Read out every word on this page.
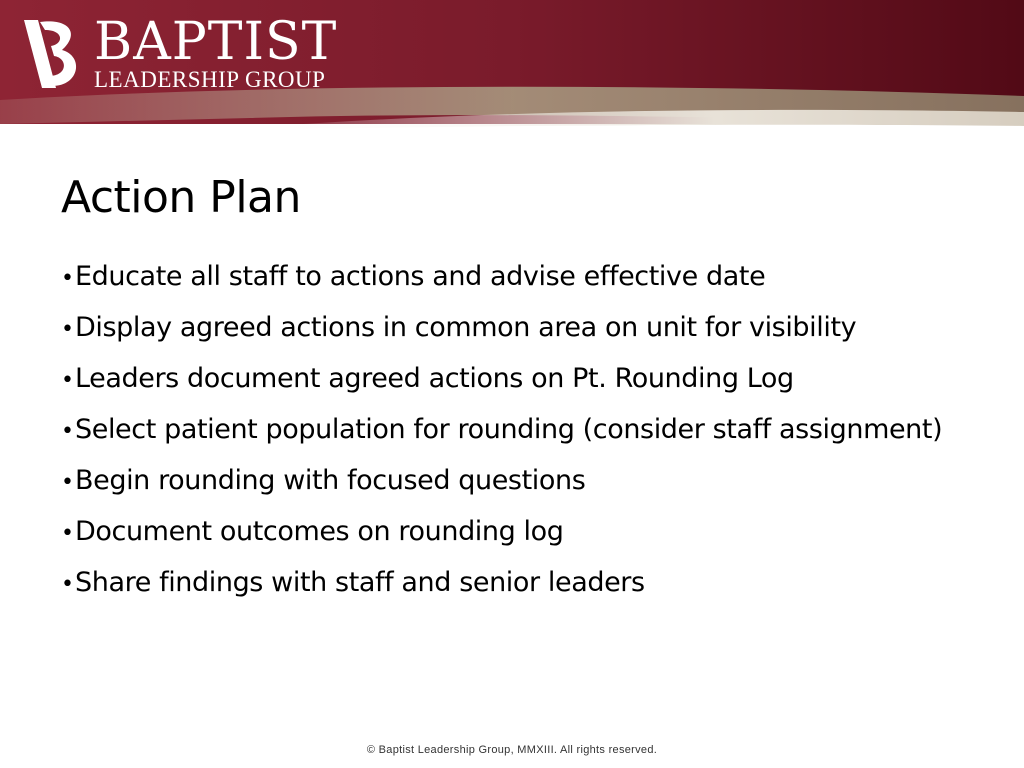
BAPTIST
LEADERSHIP GROUP
Action Plan
•Educate all staff to actions and advise effective date
•Display agreed actions in common area on unit for visibility
•Leaders document agreed actions on Pt. Rounding Log
•Select patient population for rounding (consider staff assignment)
•Begin rounding with focused questions
•Document outcomes on rounding log
•Share findings with staff and senior leaders
© Baptist Leadership Group, MMXIII. All rights reserved.
